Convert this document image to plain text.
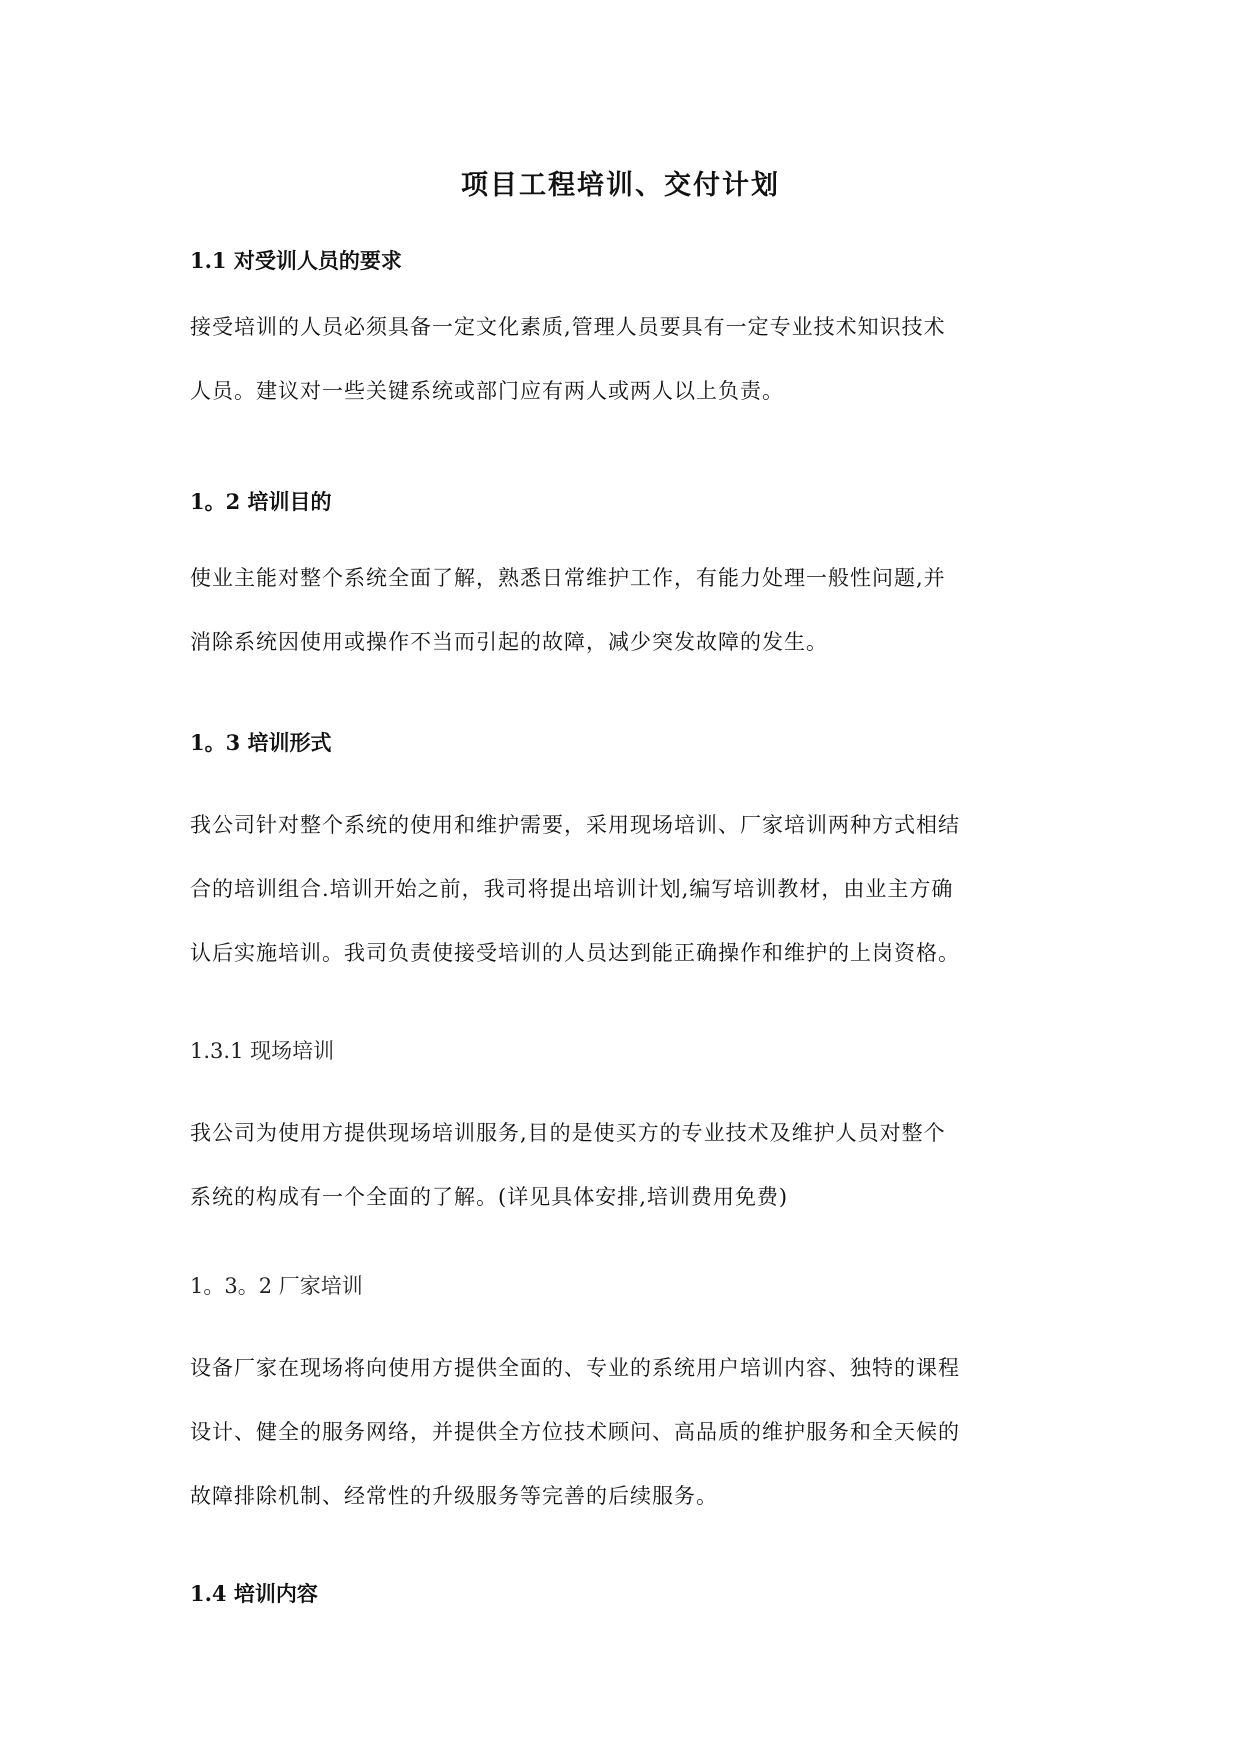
项目工程培训、交付计划
1.1 对受训人员的要求
接受培训的人员必须具备一定文化素质,管理人员要具有一定专业技术知识技术
人员。建议对一些关键系统或部门应有两人或两人以上负责。
1。2 培训目的
使业主能对整个系统全面了解，熟悉日常维护工作，有能力处理一般性问题,并
消除系统因使用或操作不当而引起的故障，减少突发故障的发生。
1。3 培训形式
我公司针对整个系统的使用和维护需要，采用现场培训、厂家培训两种方式相结
合的培训组合.培训开始之前，我司将提出培训计划,编写培训教材，由业主方确
认后实施培训。我司负责使接受培训的人员达到能正确操作和维护的上岗资格。
1.3.1 现场培训
我公司为使用方提供现场培训服务,目的是使买方的专业技术及维护人员对整个
系统的构成有一个全面的了解。(详见具体安排,培训费用免费)
1。3。2 厂家培训
设备厂家在现场将向使用方提供全面的、专业的系统用户培训内容、独特的课程
设计、健全的服务网络，并提供全方位技术顾问、高品质的维护服务和全天候的
故障排除机制、经常性的升级服务等完善的后续服务。
1.4 培训内容
